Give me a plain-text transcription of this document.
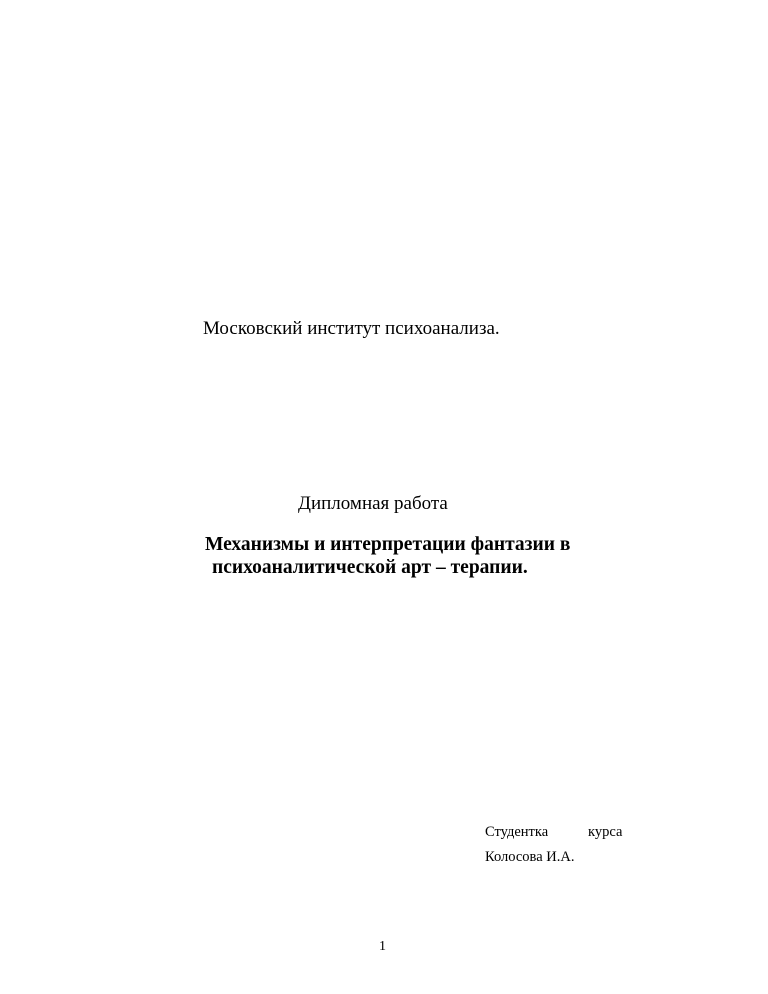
Московский институт психоанализа.
Дипломная работа
Механизмы и интерпретации фантазии в
психоаналитической арт – терапии.
Студентка	курса
Колосова И.А.
1
